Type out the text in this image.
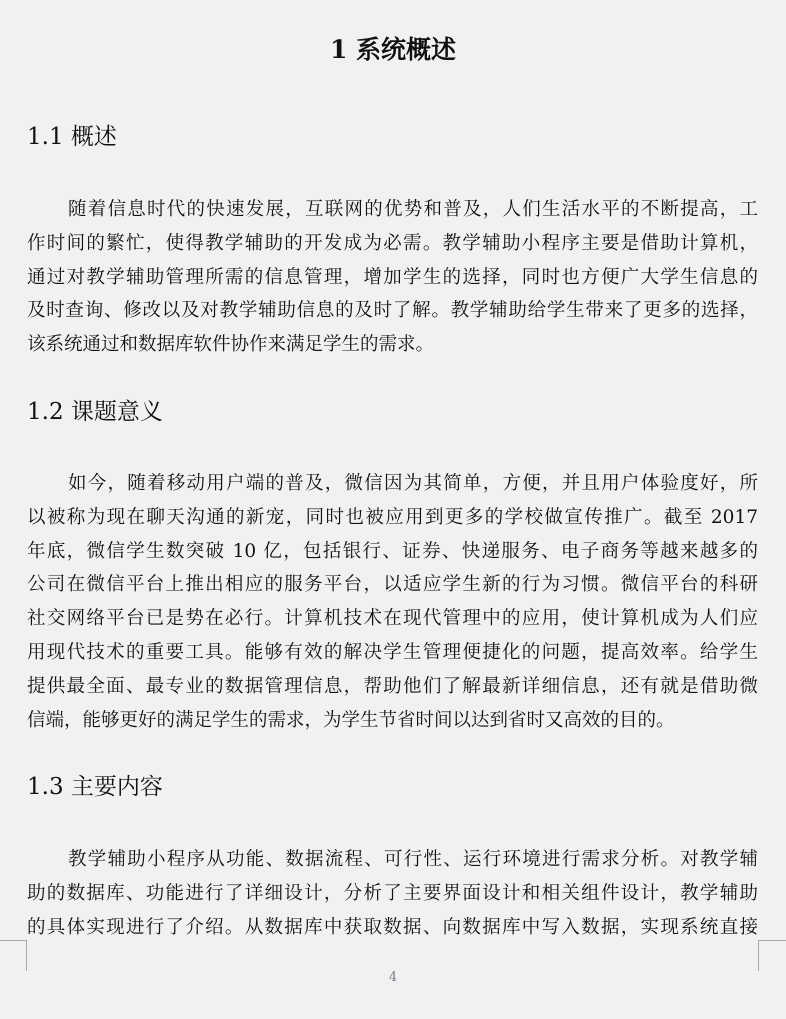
1 系统概述
1.1 概述
随着信息时代的快速发展，互联网的优势和普及，人们生活水平的不断提高，工
作时间的繁忙，使得教学辅助的开发成为必需。教学辅助小程序主要是借助计算机，
通过对教学辅助管理所需的信息管理，增加学生的选择，同时也方便广大学生信息的
及时查询、修改以及对教学辅助信息的及时了解。教学辅助给学生带来了更多的选择，
该系统通过和数据库软件协作来满足学生的需求。
1.2 课题意义
如今，随着移动用户端的普及，微信因为其简单，方便，并且用户体验度好，所
以被称为现在聊天沟通的新宠，同时也被应用到更多的学校做宣传推广。截至 2017
年底，微信学生数突破 10 亿，包括银行、证券、快递服务、电子商务等越来越多的
公司在微信平台上推出相应的服务平台，以适应学生新的行为习惯。微信平台的科研
社交网络平台已是势在必行。计算机技术在现代管理中的应用，使计算机成为人们应
用现代技术的重要工具。能够有效的解决学生管理便捷化的问题，提高效率。给学生
提供最全面、最专业的数据管理信息，帮助他们了解最新详细信息，还有就是借助微
信端，能够更好的满足学生的需求，为学生节省时间以达到省时又高效的目的。
1.3 主要内容
教学辅助小程序从功能、数据流程、可行性、运行环境进行需求分析。对教学辅
助的数据库、功能进行了详细设计，分析了主要界面设计和相关组件设计，教学辅助
的具体实现进行了介绍。从数据库中获取数据、向数据库中写入数据，实现系统直接
4
